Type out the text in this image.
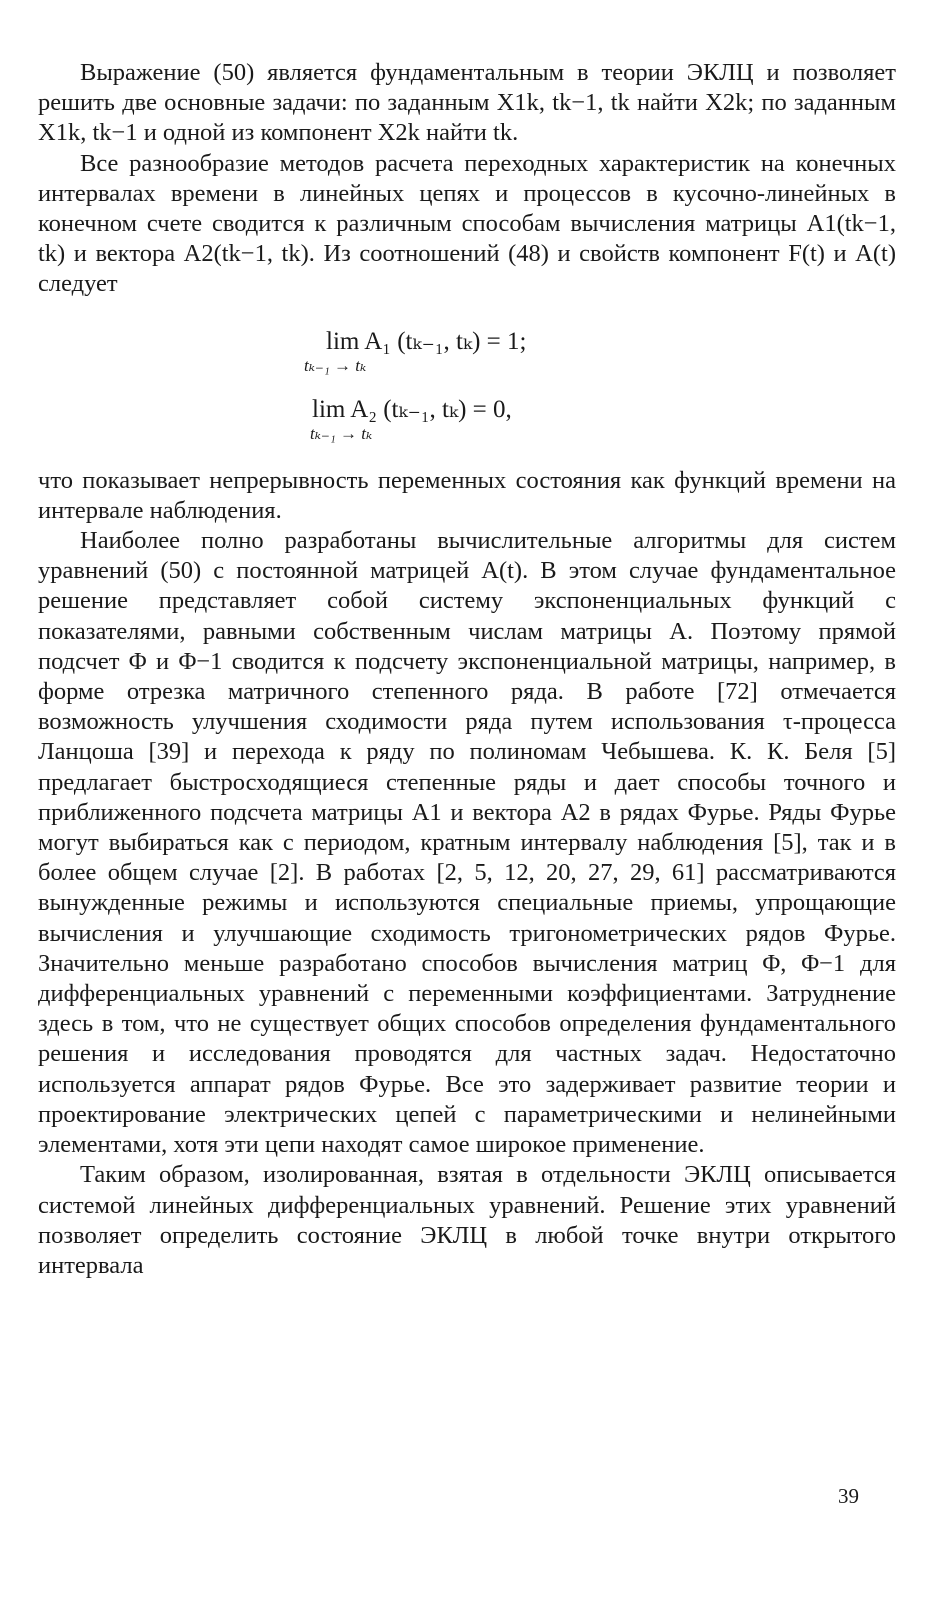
Выражение (50) является фундаментальным в теории ЭКЛЦ и позволяет решить две основные задачи: по заданным X1k, tk−1, tk найти X2k; по заданным X1k, tk−1 и одной из компонент X2k найти tk.

Все разнообразие методов расчета переходных характеристик на конечных интервалах времени в линейных цепях и процессов в кусочно-линейных в конечном счете сводится к различным способам вычисления матрицы A1(tk−1, tk) и вектора A2(tk−1, tk). Из соотношений (48) и свойств компонент F(t) и A(t) следует

lim A₁ (tₖ₋₁, tₖ) = 1;
tₖ₋₁ → tₖ
lim A₂ (tₖ₋₁, tₖ) = 0,
tₖ₋₁ → tₖ

что показывает непрерывность переменных состояния как функций времени на интервале наблюдения.

Наиболее полно разработаны вычислительные алгоритмы для систем уравнений (50) с постоянной матрицей A(t). В этом случае фундаментальное решение представляет собой систему экспоненциальных функций с показателями, равными собственным числам матрицы A. Поэтому прямой подсчет Φ и Φ−1 сводится к подсчету экспоненциальной матрицы, например, в форме отрезка матричного степенного ряда. В работе [72] отмечается возможность улучшения сходимости ряда путем использования τ-процесса Ланцоша [39] и перехода к ряду по полиномам Чебышева. К. К. Беля [5] предлагает быстросходящиеся степенные ряды и дает способы точного и приближенного подсчета матрицы A1 и вектора A2 в рядах Фурье. Ряды Фурье могут выбираться как с периодом, кратным интервалу наблюдения [5], так и в более общем случае [2]. В работах [2, 5, 12, 20, 27, 29, 61] рассматриваются вынужденные режимы и используются специальные приемы, упрощающие вычисления и улучшающие сходимость тригонометрических рядов Фурье. Значительно меньше разработано способов вычисления матриц Φ, Φ−1 для дифференциальных уравнений с переменными коэффициентами. Затруднение здесь в том, что не существует общих способов определения фундаментального решения и исследования проводятся для частных задач. Недостаточно используется аппарат рядов Фурье. Все это задерживает развитие теории и проектирование электрических цепей с параметрическими и нелинейными элементами, хотя эти цепи находят самое широкое применение.

Таким образом, изолированная, взятая в отдельности ЭКЛЦ описывается системой линейных дифференциальных уравнений. Решение этих уравнений позволяет определить состояние ЭКЛЦ в любой точке внутри открытого интервала

39
